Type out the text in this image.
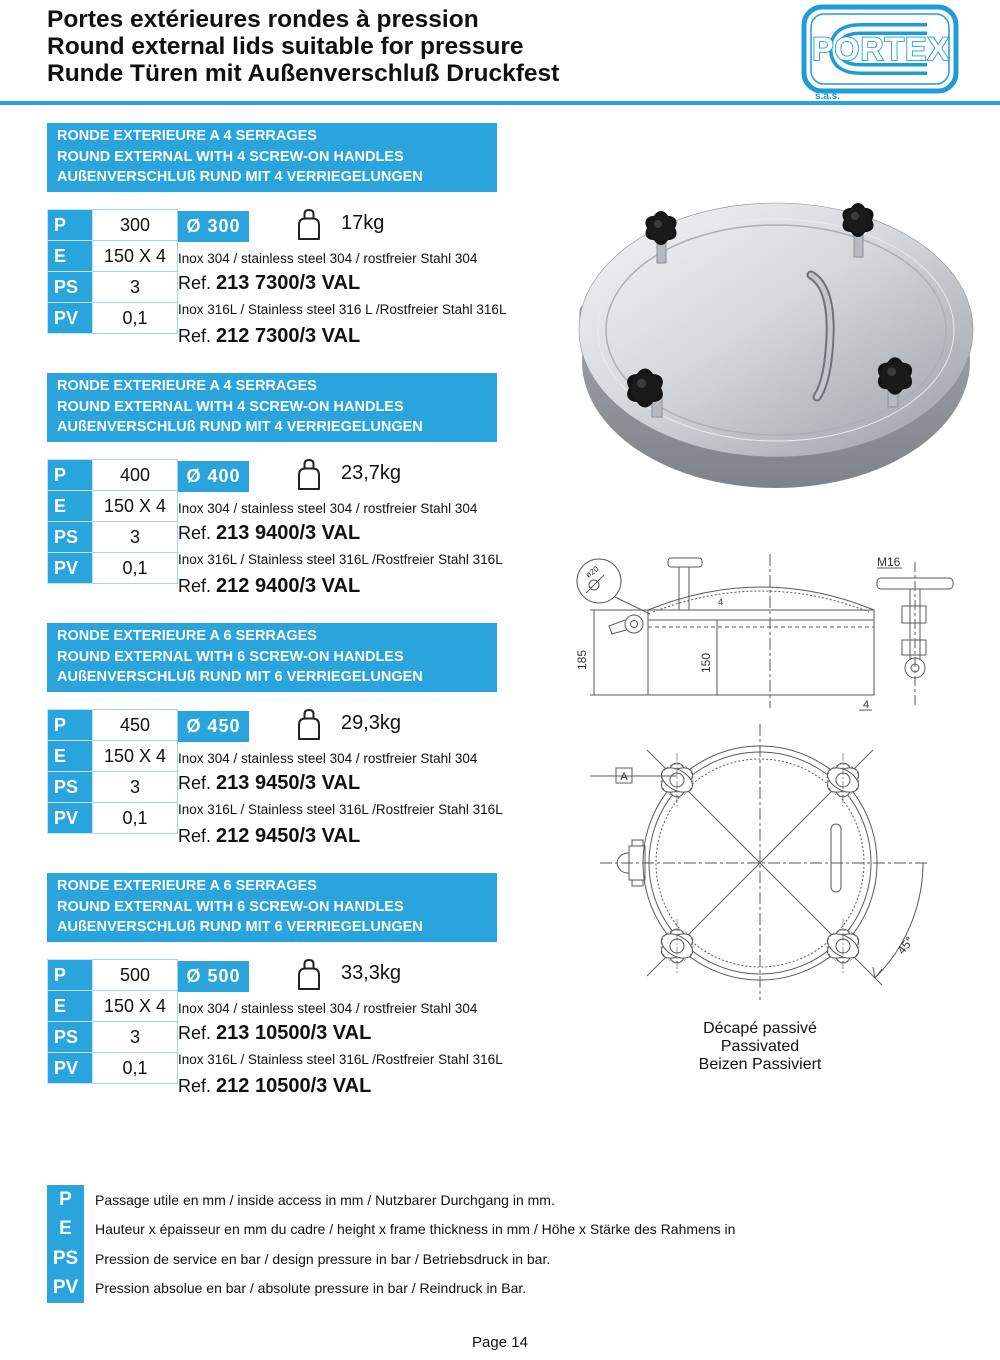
Portes extérieures rondes à pression
Round external lids suitable for pressure
Runde Türen mit Außenverschluß Druckfest
PORTEX
s.a.s.
RONDE EXTERIEURE A 4 SERRAGES
ROUND EXTERNAL WITH 4 SCREW-ON HANDLES
AUßENVERSCHLUß RUND MIT 4 VERRIEGELUNGEN
P	300
E	150 X 4
PS	3
PV	0,1
Ø 300	17kg
Inox 304 / stainless steel 304 / rostfreier Stahl 304
Ref. 213 7300/3 VAL
Inox 316L / Stainless steel 316 L /Rostfreier Stahl 316L
Ref. 212 7300/3 VAL
RONDE EXTERIEURE A 4 SERRAGES
ROUND EXTERNAL WITH 4 SCREW-ON HANDLES
AUßENVERSCHLUß RUND MIT 4 VERRIEGELUNGEN
P	400
E	150 X 4
PS	3
PV	0,1
Ø 400	23,7kg
Inox 304 / stainless steel 304 / rostfreier Stahl 304
Ref. 213 9400/3 VAL
Inox 316L / Stainless steel 316L /Rostfreier Stahl 316L
Ref. 212 9400/3 VAL
RONDE EXTERIEURE A 6 SERRAGES
ROUND EXTERNAL WITH 6 SCREW-ON HANDLES
AUßENVERSCHLUß RUND MIT 6 VERRIEGELUNGEN
P	450
E	150 X 4
PS	3
PV	0,1
Ø 450	29,3kg
Inox 304 / stainless steel 304 / rostfreier Stahl 304
Ref. 213 9450/3 VAL
Inox 316L / Stainless steel 316L /Rostfreier Stahl 316L
Ref. 212 9450/3 VAL
RONDE EXTERIEURE A 6 SERRAGES
ROUND EXTERNAL WITH 6 SCREW-ON HANDLES
AUßENVERSCHLUß RUND MIT 6 VERRIEGELUNGEN
P	500
E	150 X 4
PS	3
PV	0,1
Ø 500	33,3kg
Inox 304 / stainless steel 304 / rostfreier Stahl 304
Ref. 213 10500/3 VAL
Inox 316L / Stainless steel 316L /Rostfreier Stahl 316L
Ref. 212 10500/3 VAL
185	150
M16
4
4
ø20
A
45°
Décapé passivé
Passivated
Beizen Passiviert
P	Passage utile en mm / inside access in mm / Nutzbarer Durchgang in mm.
E	Hauteur x épaisseur en mm du cadre / height x frame thickness in mm / Höhe x Stärke des Rahmens in
PS	Pression de service en bar / design pressure in bar / Betriebsdruck in bar.
PV	Pression absolue en bar / absolute pressure in bar / Reindruck in Bar.
Page 14
